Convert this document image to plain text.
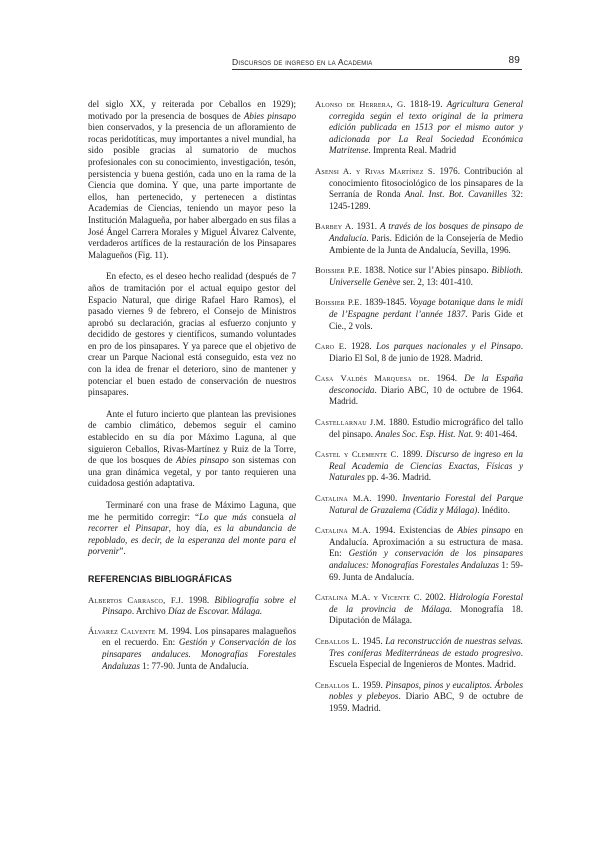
Discursos de ingreso en la Academia	89

del siglo XX, y reiterada por Ceballos en 1929); motivado por la presencia de bosques de Abies pinsapo bien conservados, y la presencia de un afloramiento de rocas peridotíticas, muy importantes a nivel mundial, ha sido posible gracias al sumatorio de muchos profesionales con su conocimiento, investigación, tesón, persistencia y buena gestión, cada uno en la rama de la Ciencia que domina. Y que, una parte importante de ellos, han pertenecido, y pertenecen a distintas Academias de Ciencias, teniendo un mayor peso la Institución Malagueña, por haber albergado en sus filas a José Ángel Carrera Morales y Miguel Álvarez Calvente, verdaderos artífices de la restauración de los Pinsapares Malagueños (Fig. 11).

En efecto, es el deseo hecho realidad (después de 7 años de tramitación por el actual equipo gestor del Espacio Natural, que dirige Rafael Haro Ramos), el pasado viernes 9 de febrero, el Consejo de Ministros aprobó su declaración, gracias al esfuerzo conjunto y decidido de gestores y científicos, sumando voluntades en pro de los pinsapares. Y ya parece que el objetivo de crear un Parque Nacional está conseguido, esta vez no con la idea de frenar el deterioro, sino de mantener y potenciar el buen estado de conservación de nuestros pinsapares.

Ante el futuro incierto que plantean las previsiones de cambio climático, debemos seguir el camino establecido en su día por Máximo Laguna, al que siguieron Ceballos, Rivas-Martínez y Ruiz de la Torre, de que los bosques de Abies pinsapo son sistemas con una gran dinámica vegetal, y por tanto requieren una cuidadosa gestión adaptativa.

Terminaré con una frase de Máximo Laguna, que me he permitido corregir: “Lo que más consuela al recorrer el Pinsapar, hoy día, es la abundancia de repoblado, es decir, de la esperanza del monte para el porvenir”.

REFERENCIAS BIBLIOGRÁFICAS

Albertos Carrasco, F.J. 1998. Bibliografía sobre el Pinsapo. Archivo Díaz de Escovar. Málaga.

Álvarez Calvente M. 1994. Los pinsapares malagueños en el recuerdo. En: Gestión y Conservación de los pinsapares andaluces. Monografías Forestales Andaluzas 1: 77-90. Junta de Andalucía.

Alonso de Herrera, G. 1818-19. Agricultura General corregida según el texto original de la primera edición publicada en 1513 por el mismo autor y adicionada por La Real Sociedad Económica Matritense. Imprenta Real. Madrid

Asensi A. y Rivas Martínez S. 1976. Contribución al conocimiento fitosociológico de los pinsapares de la Serranía de Ronda Anal. Inst. Bot. Cavanilles 32: 1245-1289.

Barbey A. 1931. A través de los bosques de pinsapo de Andalucía. Paris. Edición de la Consejería de Medio Ambiente de la Junta de Andalucía, Sevilla, 1996.

Boissier P.E. 1838. Notice sur l’Abies pinsapo. Biblioth. Universelle Genève ser. 2, 13: 401-410.

Boissier P.E. 1839-1845. Voyage botanique dans le midi de l’Espagne perdant l’année 1837. Paris Gide et Cie., 2 vols.

Caro E. 1928. Los parques nacionales y el Pinsapo. Diario El Sol, 8 de junio de 1928. Madrid.

Casa Valdés Marquesa de. 1964. De la España desconocida. Diario ABC, 10 de octubre de 1964. Madrid.

Castellarnau J.M. 1880. Estudio micrográfico del tallo del pinsapo. Anales Soc. Esp. Hist. Nat. 9: 401-464.

Castel y Clemente C. 1899. Discurso de ingreso en la Real Academia de Ciencias Exactas, Físicas y Naturales pp. 4-36. Madrid.

Catalina M.A. 1990. Inventario Forestal del Parque Natural de Grazalema (Cádiz y Málaga). Inédito.

Catalina M.A. 1994. Existencias de Abies pinsapo en Andalucía. Aproximación a su estructura de masa. En: Gestión y conservación de los pinsapares andaluces: Monografías Forestales Andaluzas 1: 59-69. Junta de Andalucía.

Catalina M.A. y Vicente C. 2002. Hidrología Forestal de la provincia de Málaga. Monografía 18. Diputación de Málaga.

Ceballos L. 1945. La reconstrucción de nuestras selvas. Tres coníferas Mediterráneas de estado progresivo. Escuela Especial de Ingenieros de Montes. Madrid.

Ceballos L. 1959. Pinsapos, pinos y eucaliptos. Árboles nobles y plebeyos. Diario ABC, 9 de octubre de 1959. Madrid.
